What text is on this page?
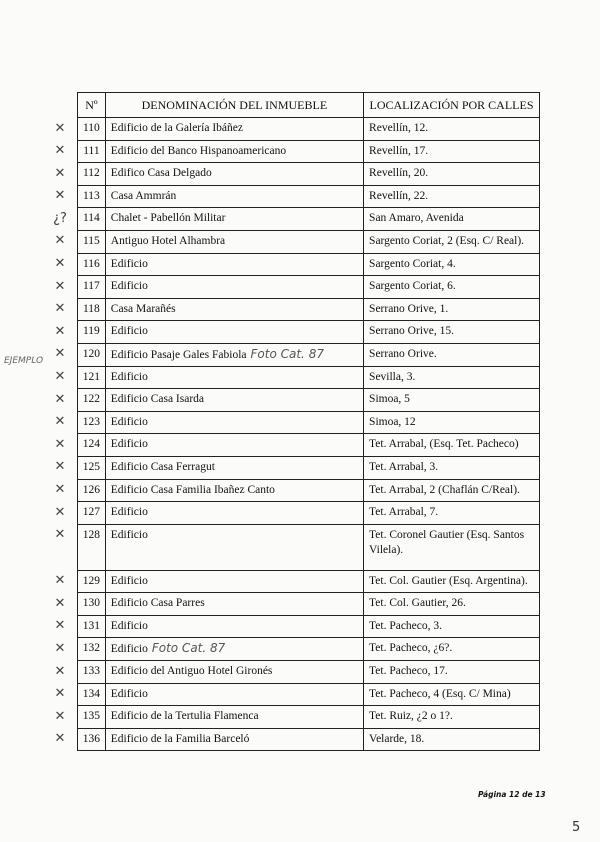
Nº	DENOMINACIÓN DEL INMUEBLE	LOCALIZACIÓN POR CALLES
110	Edificio de la Galería Ibáñez	Revellín, 12.
111	Edificio del Banco Hispanoamericano	Revellín, 17.
112	Edifico Casa Delgado	Revellín, 20.
113	Casa Ammrán	Revellín, 22.
114	Chalet - Pabellón Militar	San Amaro, Avenida
115	Antiguo Hotel Alhambra	Sargento Coriat, 2 (Esq. C/ Real).
116	Edificio	Sargento Coriat, 4.
117	Edificio	Sargento Coriat, 6.
118	Casa Marañés	Serrano Orive, 1.
119	Edificio	Serrano Orive, 15.
120	Edificio Pasaje Gales Fabiola Foto Cat. 87	Serrano Orive.
121	Edificio	Sevilla, 3.
122	Edificio Casa Isarda	Simoa, 5
123	Edificio	Simoa, 12
124	Edificio	Tet. Arrabal, (Esq. Tet. Pacheco)
125	Edificio Casa Ferragut	Tet. Arrabal, 3.
126	Edificio Casa Familia Ibañez Canto	Tet. Arrabal, 2 (Chaflán C/Real).
127	Edificio	Tet. Arrabal, 7.
128	Edificio	Tet. Coronel Gautier (Esq. Santos Vilela).
129	Edificio	Tet. Col. Gautier (Esq. Argentina).
130	Edificio Casa Parres	Tet. Col. Gautier, 26.
131	Edificio	Tet. Pacheco, 3.
132	Edificio Foto Cat. 87	Tet. Pacheco, ¿6?.
133	Edificio del Antiguo Hotel Gironés	Tet. Pacheco, 17.
134	Edificio	Tet. Pacheco, 4 (Esq. C/ Mina)
135	Edificio de la Tertulia Flamenca	Tet. Ruiz, ¿2 o 1?.
136	Edificio de la Familia Barceló	Velarde, 18.
✕
✕
✕
✕
¿?
✕
✕
✕
✕
✕
✕
✕
✕
✕
✕
✕
✕
✕
✕
✕
✕
✕
✕
✕
✕
✕
✕
EJEMPLO
Página 12 de 13
5
